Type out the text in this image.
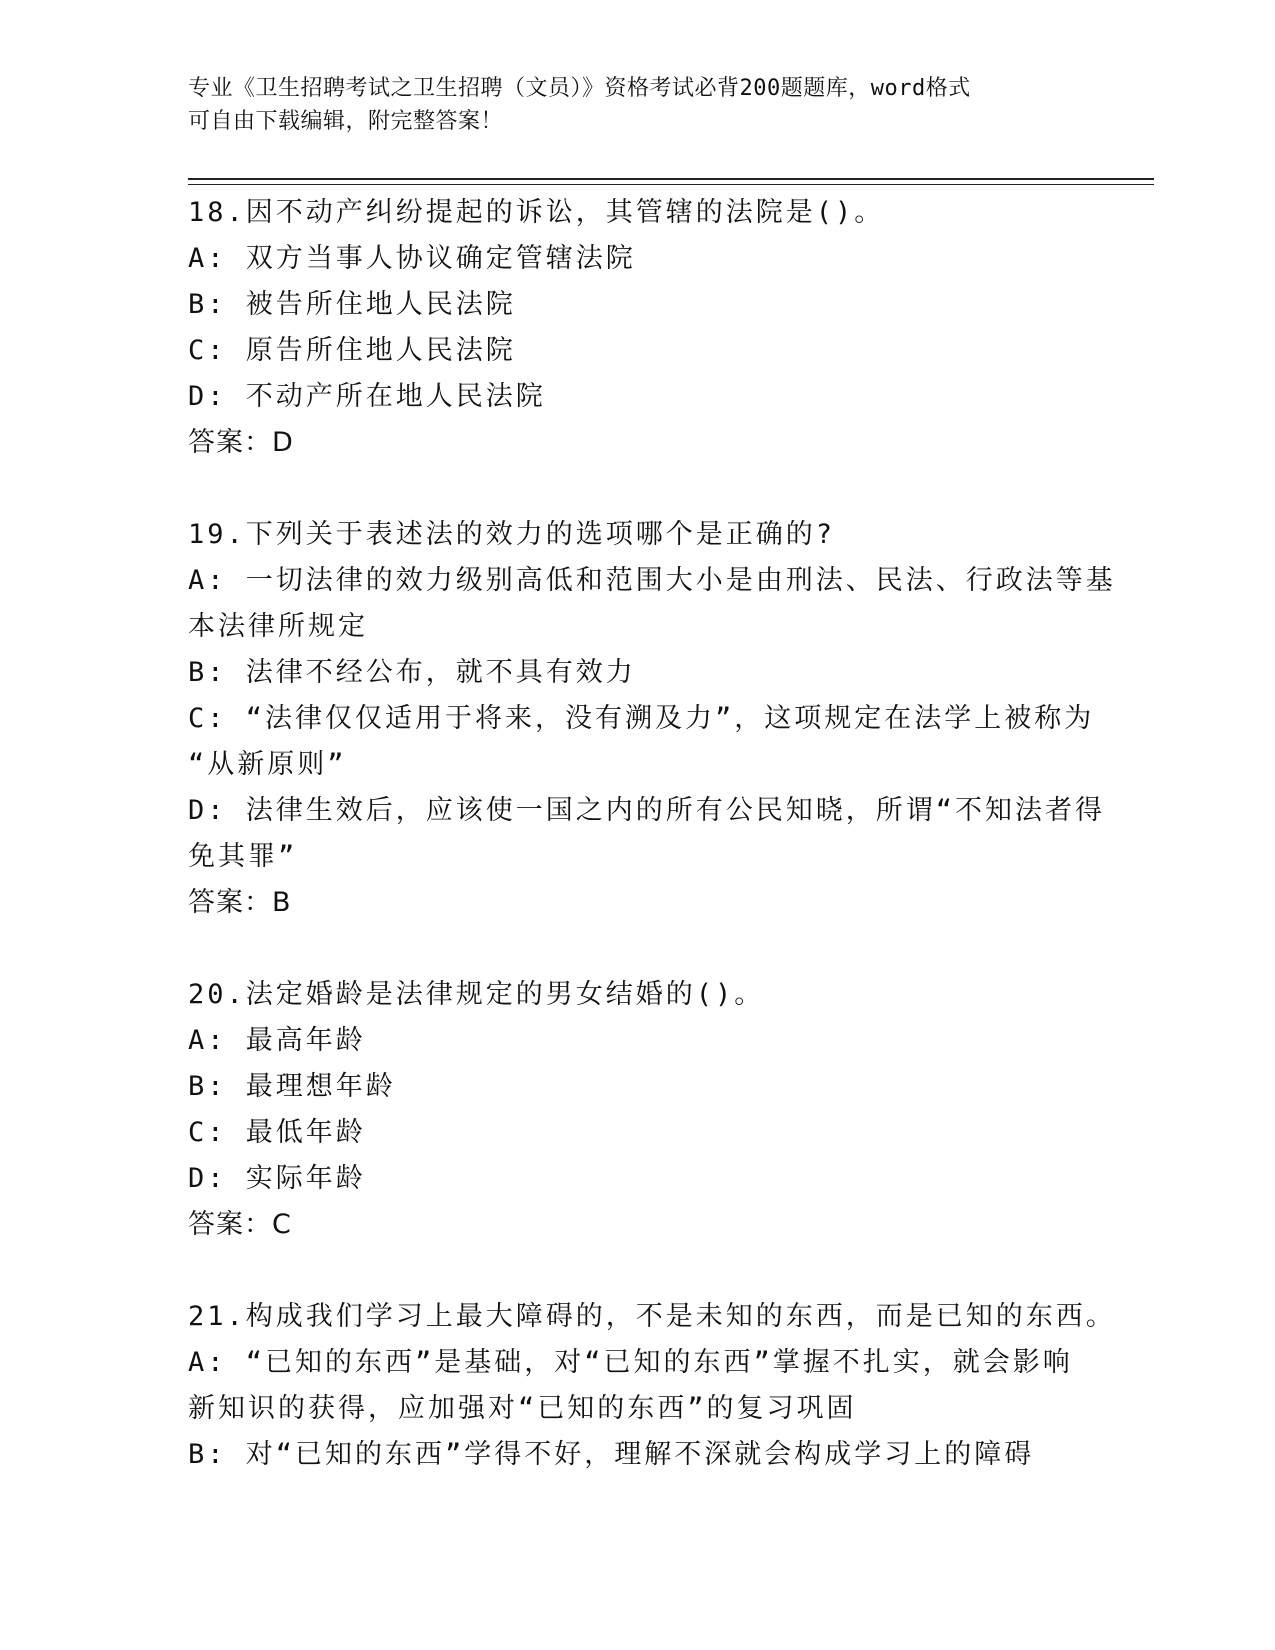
专业《卫生招聘考试之卫生招聘（文员）》资格考试必背200题题库，word格式
可自由下载编辑，附完整答案！
18.因不动产纠纷提起的诉讼，其管辖的法院是()。
A: 双方当事人协议确定管辖法院
B: 被告所住地人民法院
C: 原告所住地人民法院
D: 不动产所在地人民法院
答案：D
19.下列关于表述法的效力的选项哪个是正确的?
A: 一切法律的效力级别高低和范围大小是由刑法、民法、行政法等基
本法律所规定
B: 法律不经公布，就不具有效力
C: “法律仅仅适用于将来，没有溯及力”，这项规定在法学上被称为
“从新原则”
D: 法律生效后，应该使一国之内的所有公民知晓，所谓“不知法者得
免其罪”
答案：B
20.法定婚龄是法律规定的男女结婚的()。
A: 最高年龄
B: 最理想年龄
C: 最低年龄
D: 实际年龄
答案：C
21.构成我们学习上最大障碍的，不是未知的东西，而是已知的东西。
A: “已知的东西”是基础，对“已知的东西”掌握不扎实，就会影响
新知识的获得，应加强对“已知的东西”的复习巩固
B: 对“已知的东西”学得不好，理解不深就会构成学习上的障碍
